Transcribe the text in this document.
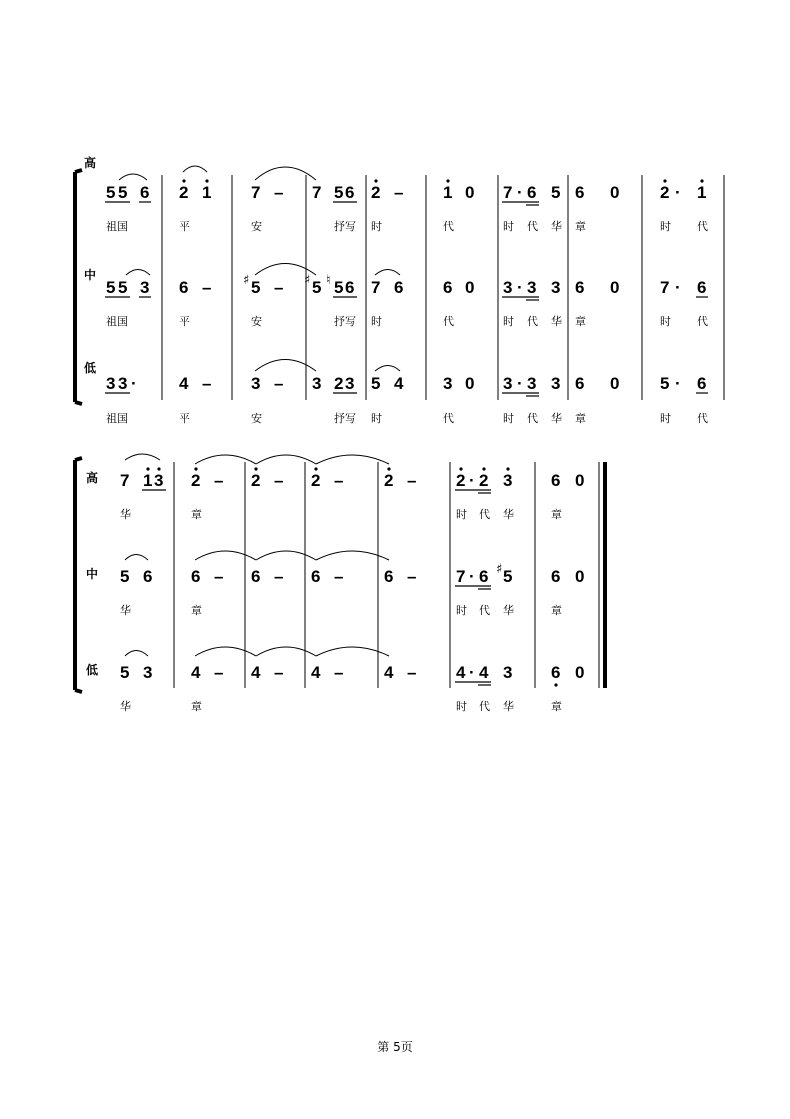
高
中
低
5 5 6 2 1 7 – 7 5 6 2 – 1 0 7 · 6 5 6 0 2 · 1
祖国	平	安	抒写 时	代	时 代 华 章	时 代
5 5 3 6 – ♯ 5 – ♯ 5 ♮ 5 6 7 6 6 0 3 · 3 3 6 0 7 · 6
祖国	平	安	抒写 时	代	时 代 华 章	时 代
3 3 · 4 – 3 – 3 2 3 5 4 3 0 3 · 3 3 6 0 5 · 6
祖国	平	安	抒写 时	代	时 代 华 章	时 代
高
中
低
7 1 3 2 – 2 – 2 – 2 – 2 · 2 3 6 0
华	章	时 代 华	章
5 6 6 – 6 – 6 – 6 – 7 · 6 ♯ 5 6 0
华	章	时 代 华	章
5 3 4 – 4 – 4 – 4 – 4 · 4 3 6 0
华	章	时 代 华	章
第 5页
